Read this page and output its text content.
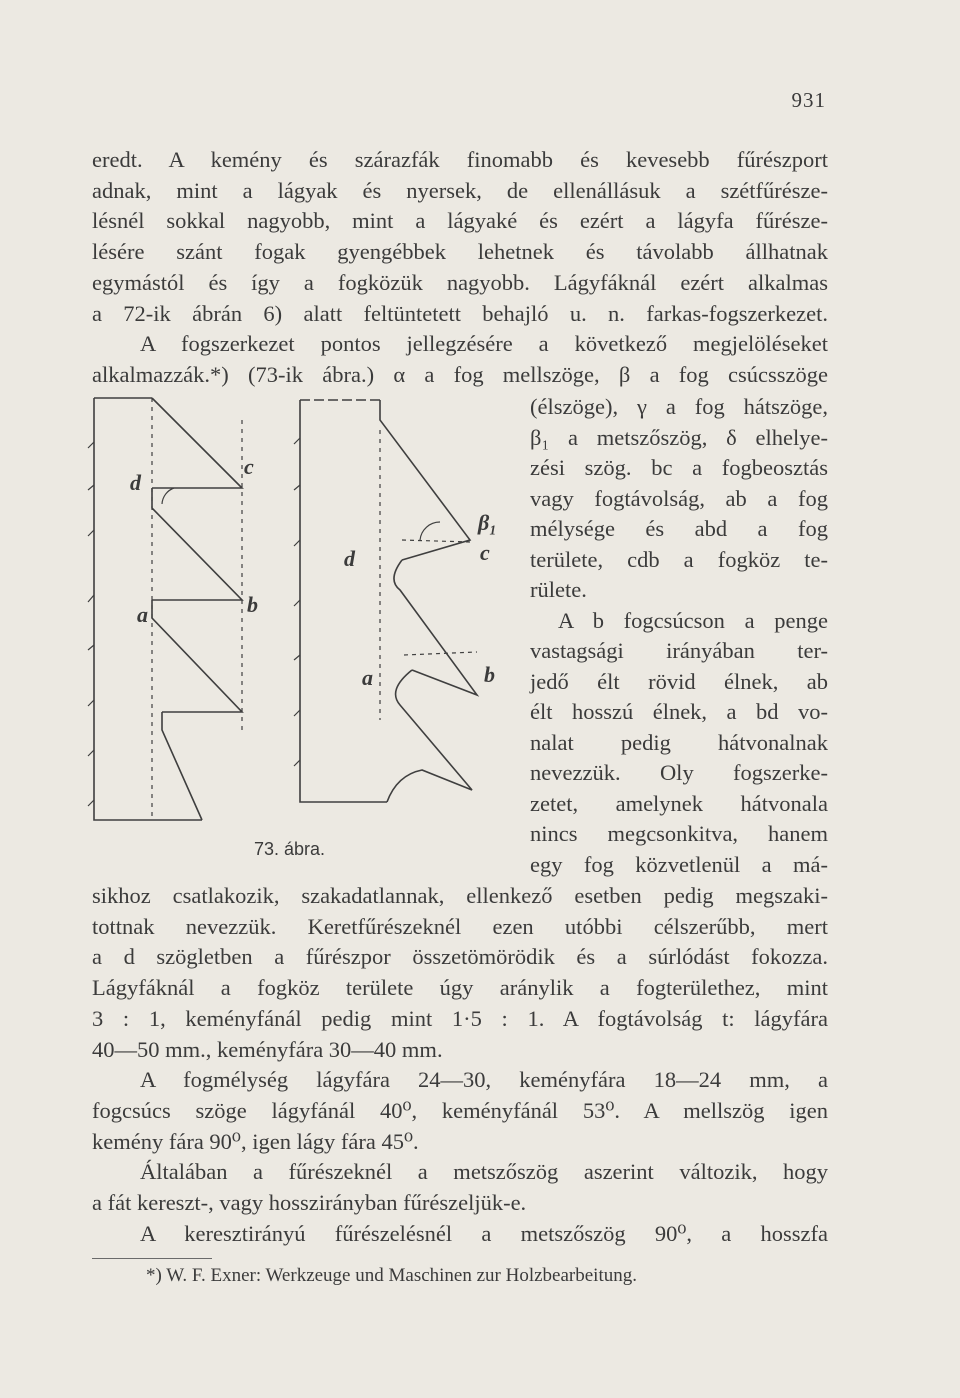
931

eredt. A kemény és szárazfák finomabb és kevesebb fűrészport

adnak, mint a lágyak és nyersek, de ellenállásuk a szétfűrésze-

lésnél sokkal nagyobb, mint a lágyaké és ezért a lágyfa fűrésze-

lésére szánt fogak gyengébbek lehetnek és távolabb állhatnak

egymástól és így a fogközük nagyobb. Lágyfáknál ezért alkalmas

a 72-ik ábrán 6) alatt feltüntetett behajló u. n. farkas-fogszerkezet.

A fogszerkezet pontos jellegzésére a következő megjelöléseket

alkalmazzák.*) (73-ik ábra.) α a fog mellszöge, β a fog csúcsszöge

d
c
a	b
d	c
β₁
a	b
73. ábra.

(élszöge), γ a fog hátszöge,

β₁ a metszőszög, δ elhelye-

zési szög. bc a fogbeosztás

vagy fogtávolság, ab a fog

mélysége és abd a fog

területe, cdb a fogköz te-

rülete.

A b fogcsúcson a penge

vastagsági irányában ter-

jedő élt rövid élnek, ab

élt hosszú élnek, a bd vo-

nalat pedig hátvonalnak

nevezzük. Oly fogszerke-

zetet, amelynek hátvonala

nincs megcsonkitva, hanem

egy fog közvetlenül a má-

sikhoz csatlakozik, szakadatlannak, ellenkező esetben pedig megszaki-

tottnak nevezzük. Keretfűrészeknél ezen utóbbi célszerűbb, mert

a d szögletben a fűrészpor összetömörödik és a súrlódást fokozza.

Lágyfáknál a fogköz területe úgy aránylik a fogterülethez, mint

3 : 1, keményfánál pedig mint 1·5 : 1. A fogtávolság t: lágyfára

40—50 mm., keményfára 30—40 mm.

A fogmélység lágyfára 24—30, keményfára 18—24 mm, a

fogcsúcs szöge lágyfánál 40⁰, keményfánál 53⁰. A mellszög igen

kemény fára 90⁰, igen lágy fára 45⁰.

Általában a fűrészeknél a metszőszög aszerint változik, hogy

a fát kereszt-, vagy hosszirányban fűrészeljük-e.

A keresztirányú fűrészelésnél a metszőszög 90⁰, a hosszfa

*) W. F. Exner: Werkzeuge und Maschinen zur Holzbearbeitung.
